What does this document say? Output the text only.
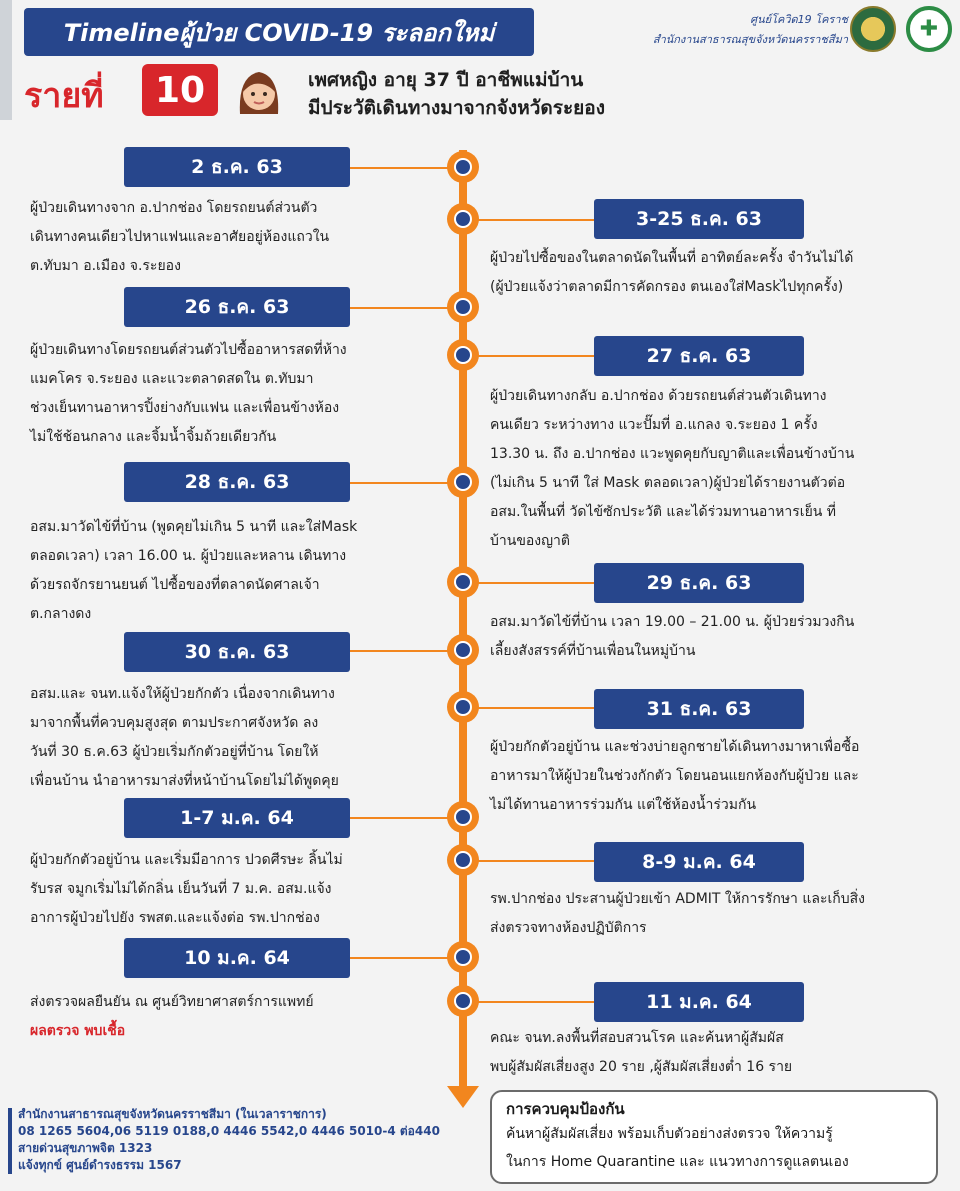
Timelineผู้ป่วย COVID-19 ระลอกใหม่	ศูนย์โควิด19 โคราช
สำนักงานสาธารณสุขจังหวัดนครราชสีมา	✚
รายที่	10	เพศหญิง อายุ 37 ปี อาชีพแม่บ้าน
มีประวัติเดินทางมาจากจังหวัดระยอง
2 ธ.ค. 63
ผู้ป่วยเดินทางจาก อ.ปากช่อง โดยรถยนต์ส่วนตัว
เดินทางคนเดียวไปหาแฟนและอาศัยอยู่ห้องแถวใน
ต.ทับมา อ.เมือง จ.ระยอง
3-25 ธ.ค. 63
ผู้ป่วยไปซื้อของในตลาดนัดในพื้นที่ อาทิตย์ละครั้ง จำวันไม่ได้
(ผู้ป่วยแจ้งว่าตลาดมีการคัดกรอง ตนเองใส่Maskไปทุกครั้ง)
26 ธ.ค. 63
ผู้ป่วยเดินทางโดยรถยนต์ส่วนตัวไปซื้ออาหารสดที่ห้าง
แมคโคร จ.ระยอง และแวะตลาดสดใน ต.ทับมา
ช่วงเย็นทานอาหารปิ้งย่างกับแฟน และเพื่อนข้างห้อง
ไม่ใช้ช้อนกลาง และจิ้มน้ำจิ้มถ้วยเดียวกัน
27 ธ.ค. 63
ผู้ป่วยเดินทางกลับ อ.ปากช่อง ด้วยรถยนต์ส่วนตัวเดินทาง
คนเดียว ระหว่างทาง แวะปั๊มที่ อ.แกลง จ.ระยอง 1 ครั้ง
13.30 น. ถึง อ.ปากช่อง แวะพูดคุยกับญาติและเพื่อนข้างบ้าน
(ไม่เกิน 5 นาที ใส่ Mask ตลอดเวลา)ผู้ป่วยได้รายงานตัวต่อ
อสม.ในพื้นที่ วัดไข้ซักประวัติ และได้ร่วมทานอาหารเย็น ที่
บ้านของญาติ
28 ธ.ค. 63
อสม.มาวัดไข้ที่บ้าน (พูดคุยไม่เกิน 5 นาที และใส่Mask
ตลอดเวลา) เวลา 16.00 น. ผู้ป่วยและหลาน เดินทาง
ด้วยรถจักรยานยนต์ ไปซื้อของที่ตลาดนัดศาลเจ้า
ต.กลางดง
29 ธ.ค. 63
อสม.มาวัดไข้ที่บ้าน เวลา 19.00 – 21.00 น. ผู้ป่วยร่วมวงกิน
เลี้ยงสังสรรค์ที่บ้านเพื่อนในหมู่บ้าน
30 ธ.ค. 63
อสม.และ จนท.แจ้งให้ผู้ป่วยกักตัว เนื่องจากเดินทาง
มาจากพื้นที่ควบคุมสูงสุด ตามประกาศจังหวัด ลง
วันที่ 30 ธ.ค.63 ผู้ป่วยเริ่มกักตัวอยู่ที่บ้าน โดยให้
เพื่อนบ้าน นำอาหารมาส่งที่หน้าบ้านโดยไม่ได้พูดคุย
31 ธ.ค. 63
ผู้ป่วยกักตัวอยู่บ้าน และช่วงบ่ายลูกชายได้เดินทางมาหาเพื่อซื้อ
อาหารมาให้ผู้ป่วยในช่วงกักตัว โดยนอนแยกห้องกับผู้ป่วย และ
ไม่ได้ทานอาหารร่วมกัน แต่ใช้ห้องน้ำร่วมกัน
1-7 ม.ค. 64
ผู้ป่วยกักตัวอยู่บ้าน และเริ่มมีอาการ ปวดศีรษะ ลิ้นไม่
รับรส จมูกเริ่มไม่ได้กลิ่น เย็นวันที่ 7 ม.ค. อสม.แจ้ง
อาการผู้ป่วยไปยัง รพสต.และแจ้งต่อ รพ.ปากช่อง
8-9 ม.ค. 64
รพ.ปากช่อง ประสานผู้ป่วยเข้า ADMIT ให้การรักษา และเก็บสิ่ง
ส่งตรวจทางห้องปฏิบัติการ
10 ม.ค. 64
ส่งตรวจผลยืนยัน ณ ศูนย์วิทยาศาสตร์การแพทย์
ผลตรวจ พบเชื้อ
11 ม.ค. 64
คณะ จนท.ลงพื้นที่สอบสวนโรค และค้นหาผู้สัมผัส
พบผู้สัมผัสเสี่ยงสูง 20 ราย ,ผู้สัมผัสเสี่ยงต่ำ 16 ราย
สำนักงานสาธารณสุขจังหวัดนครราชสีมา (ในเวลาราชการ)
08 1265 5604,06 5119 0188,0 4446 5542,0 4446 5010-4 ต่อ440
สายด่วนสุขภาพจิต 1323
แจ้งทุกข์ ศูนย์ดำรงธรรม 1567
การควบคุมป้องกัน
ค้นหาผู้สัมผัสเสี่ยง พร้อมเก็บตัวอย่างส่งตรวจ ให้ความรู้
ในการ Home Quarantine และ แนวทางการดูแลตนเอง
